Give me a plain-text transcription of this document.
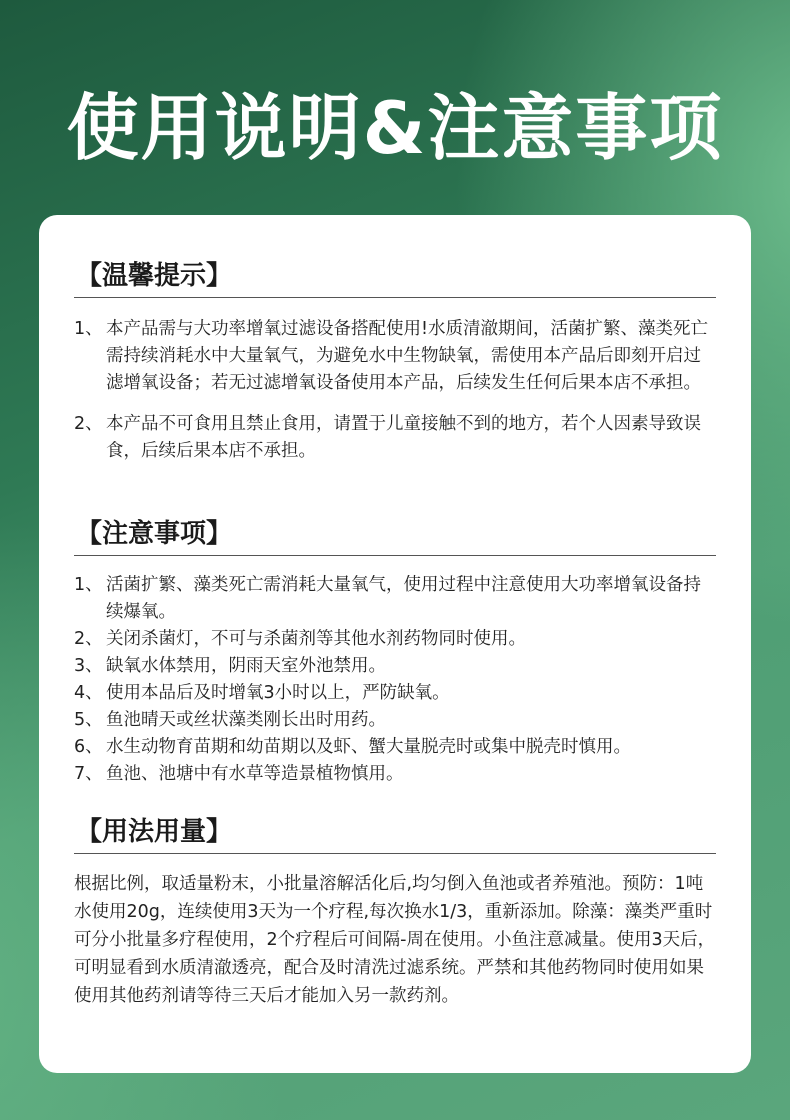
使用说明&注意事项
【温馨提示】
1、 本产品需与大功率增氧过滤设备搭配使用!水质清澈期间，活菌扩繁、藻类死亡需持续消耗水中大量氧气，为避免水中生物缺氧，需使用本产品后即刻开启过滤增氧设备；若无过滤增氧设备使用本产品，后续发生任何后果本店不承担。
2、 本产品不可食用且禁止食用，请置于儿童接触不到的地方，若个人因素导致误食，后续后果本店不承担。
【注意事项】
1、 活菌扩繁、藻类死亡需消耗大量氧气，使用过程中注意使用大功率增氧设备持续爆氧。
2、 关闭杀菌灯，不可与杀菌剂等其他水剂药物同时使用。
3、 缺氧水体禁用，阴雨天室外池禁用。
4、 使用本品后及时增氧3小时以上，严防缺氧。
5、 鱼池晴天或丝状藻类刚长出时用药。
6、 水生动物育苗期和幼苗期以及虾、蟹大量脱壳时或集中脱壳时慎用。
7、 鱼池、池塘中有水草等造景植物慎用。
【用法用量】
根据比例，取适量粉末，小批量溶解活化后,均匀倒入鱼池或者养殖池。预防：1吨水使用20g，连续使用3天为一个疗程,每次换水1/3，重新添加。除藻：藻类严重时可分小批量多疗程使用，2个疗程后可间隔-周在使用。小鱼注意减量。使用3天后，可明显看到水质清澈透亮，配合及时清洗过滤系统。严禁和其他药物同时使用如果使用其他药剂请等待三天后才能加入另一款药剂。
